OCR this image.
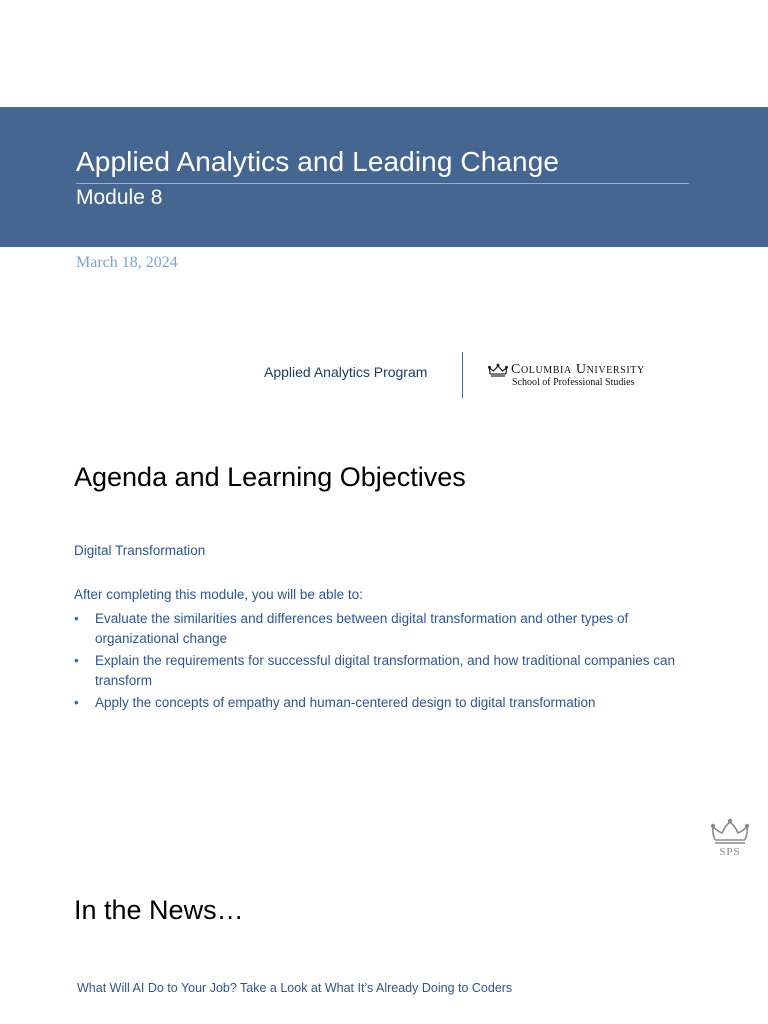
Applied Analytics and Leading Change
Module 8
March 18, 2024
Applied Analytics Program	Columbia University
School of Professional Studies
Agenda and Learning Objectives
Digital Transformation
After completing this module, you will be able to:
• Evaluate the similarities and differences between digital transformation and other types of organizational change
• Explain the requirements for successful digital transformation, and how traditional companies can transform
• Apply the concepts of empathy and human-centered design to digital transformation
SPS
In the News…
What Will AI Do to Your Job? Take a Look at What It’s Already Doing to Coders
